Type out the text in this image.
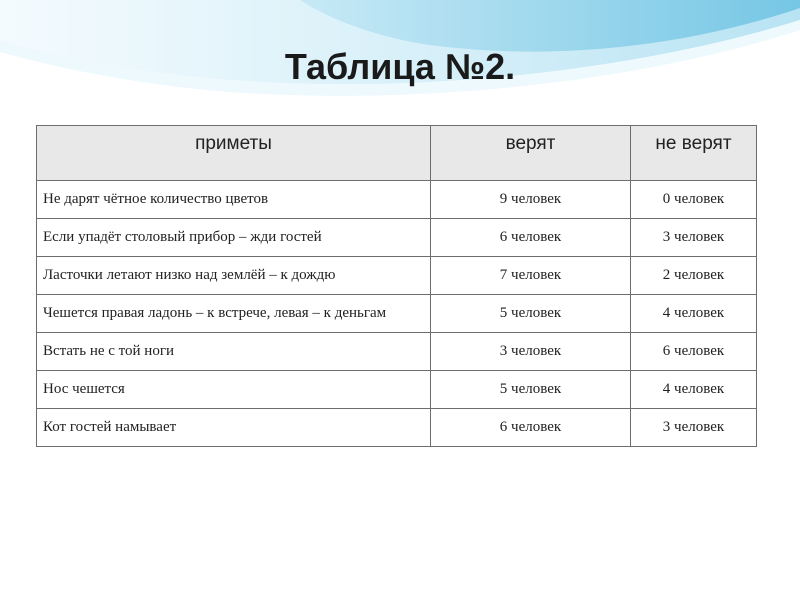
Таблица №2.
приметы	верят	не верят
Не дарят чётное количество цветов	9 человек	0 человек
Если упадёт столовый прибор – жди гостей	6 человек	3 человек
Ласточки летают низко над землёй – к дождю	7 человек	2 человек
Чешется правая ладонь – к встрече, левая – к деньгам	5 человек	4 человек
Встать не с той ноги	3 человек	6 человек
Нос чешется	5 человек	4 человек
Кот гостей намывает	6 человек	3 человек
